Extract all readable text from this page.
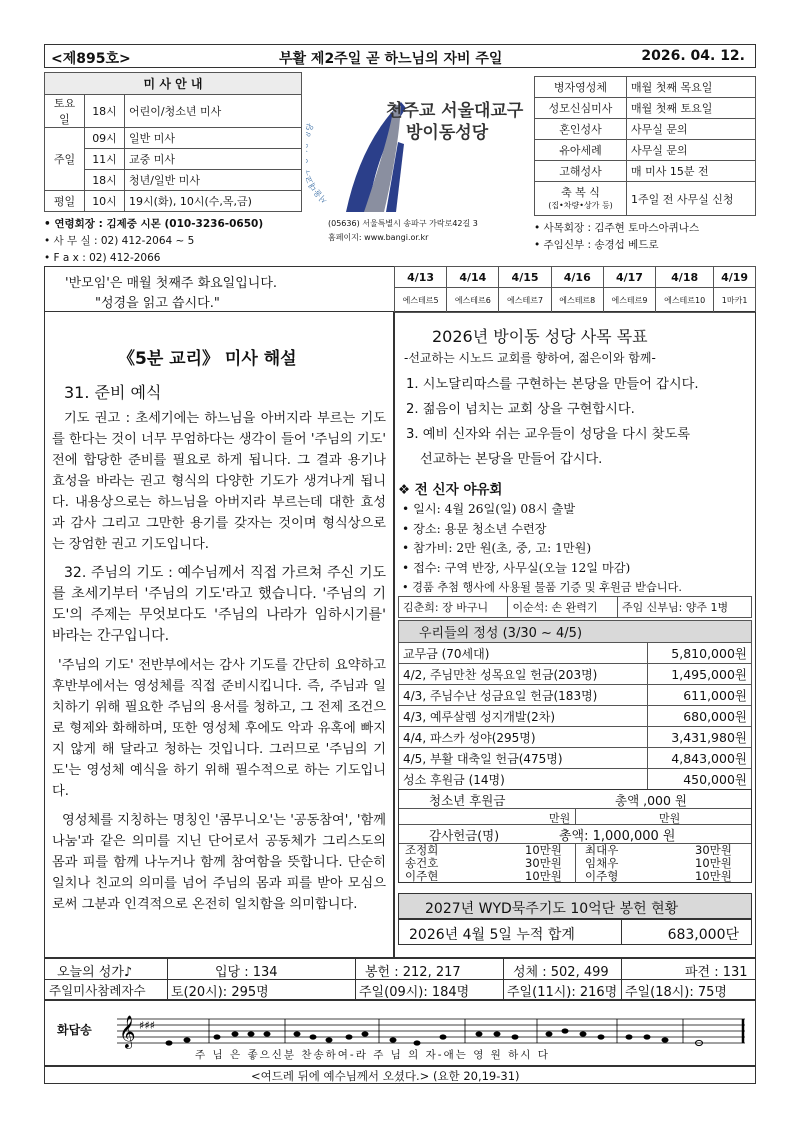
<제895호>	부활 제2주일 곧 하느님의 자비 주일	2026. 04. 12.
미 사 안 내		
토요일	18시	어린이/청소년 미사
주일	09시	일반 미사
	11시	교중 미사
	18시	청년/일반 미사
평일	10시	19시(화), 10시(수,목,금)
• 연령회장 : 김제중 시몬 (010-3236-0650)
• 사 무 실 : 02) 412-2064 ~ 5
• F a x : 02) 412-2066
서울대
천주교 서울대교구
방이동성당
(05636) 서울특별시 송파구 가락로42길 3
홈페이지: www.bangi.or.kr
병자영성체	매월 첫째 목요일
성모신심미사	매월 첫째 토요일
혼인성사	사무실 문의
유아세례	사무실 문의
고해성사	매 미사 15분 전

축 복 식
(집•차량•상가 등)	1주일 전 사무실 신청
• 사목회장 : 김주현 토마스아퀴나스
• 주임신부 : 송경섭 베드로
'반모임'은 매월 첫째주 화요일입니다.
"성경을 읽고 씁시다."
4/13	4/14	4/15	4/16	4/17	4/18	4/19
에스테르5	에스테르6	에스테르7	에스테르8	에스테르9	에스테르10	1마카1
《5분 교리》 미사 해설
31. 준비 예식

기도 권고 : 초세기에는 하느님을 아버지라 부르는 기도를 한다는 것이 너무 무엄하다는 생각이 들어 '주님의 기도' 전에 합당한 준비를 필요로 하게 됩니다. 그 결과 용기나 효성을 바라는 권고 형식의 다양한 기도가 생겨나게 됩니다. 내용상으로는 하느님을 아버지라 부르는데 대한 효성과 감사 그리고 그만한 용기를 갖자는 것이며 형식상으로는 장엄한 권고 기도입니다.

32. 주님의 기도 : 예수님께서 직접 가르쳐 주신 기도를 초세기부터 '주님의 기도'라고 했습니다. '주님의 기도'의 주제는 무엇보다도 '주님의 나라가 임하시기를' 바라는 간구입니다.

'주님의 기도' 전반부에서는 감사 기도를 간단히 요약하고 후반부에서는 영성체를 직접 준비시킵니다. 즉, 주님과 일치하기 위해 필요한 주님의 용서를 청하고, 그 전제 조건으로 형제와 화해하며, 또한 영성체 후에도 악과 유혹에 빠지지 않게 해 달라고 청하는 것입니다. 그러므로 '주님의 기도'는 영성체 예식을 하기 위해 필수적으로 하는 기도입니다.

영성체를 지칭하는 명칭인 '콤무니오'는 '공동참여', '함께 나눔'과 같은 의미를 지닌 단어로서 공동체가 그리스도의 몸과 피를 함께 나누거나 함께 참여함을 뜻합니다. 단순히 일치나 친교의 의미를 넘어 주님의 몸과 피를 받아 모심으로써 그분과 인격적으로 온전히 일치함을 의미합니다.

2026년 방이동 성당 사목 목표
-선교하는 시노드 교회를 향하여, 젊은이와 함께-
1. 시노달리따스를 구현하는 본당을 만들어 갑시다.
2. 젊음이 넘치는 교회 상을 구현합시다.
3. 예비 신자와 쉬는 교우들이 성당을 다시 찾도록
선교하는 본당을 만들어 갑시다.
❖ 전 신자 야유회
• 일시: 4월 26일(일) 08시 출발
• 장소: 용문 청소년 수련장
• 참가비: 2만 원(초, 중, 고: 1만원)
• 접수: 구역 반장, 사무실(오늘 12일 마감)
• 경품 추첨 행사에 사용될 물품 기증 및 후원금 받습니다.
김춘희: 장 바구니	이순석: 손 완력기	주임 신부님: 양주 1병
우리들의 정성 (3/30 ~ 4/5)	
교무금 (70세대)	5,810,000원
4/2, 주님만찬 성목요일 헌금(203명)	1,495,000원
4/3, 주님수난 성금요일 헌금(183명)	611,000원
4/3, 예루살렘 성지개발(2차)	680,000원
4/4, 파스카 성야(295명)	3,431,980원
4/5, 부활 대축일 헌금(475명)	4,843,000원
성소 후원금 (14명)	450,000원
청소년 후원금	총액 ,000 원
만원	만원
감사헌금(명)	총액: 1,000,000 원
조정희	10만원 최대우	30만원
송건호	30만원 임채우	10만원
이주현	10만원 이주형	10만원
2027년 WYD묵주기도 10억단 봉헌 현황
2026년 4월 5일 누적 합계	683,000단
오늘의 성가♪	입당 : 134	봉헌 : 212, 217	성체 : 502, 499	파견 : 131
주일미사참례자수 토(20시): 295명	주일(09시): 184명	주일(11시): 216명 주일(18시): 75명
화답송 𝄞 ♯♯♯
주 님 은 좋으신분 찬송하여-라 주 님 의 자-애는 영 원 하시 다
<여드레 뒤에 예수님께서 오셨다.> (요한 20,19-31)
